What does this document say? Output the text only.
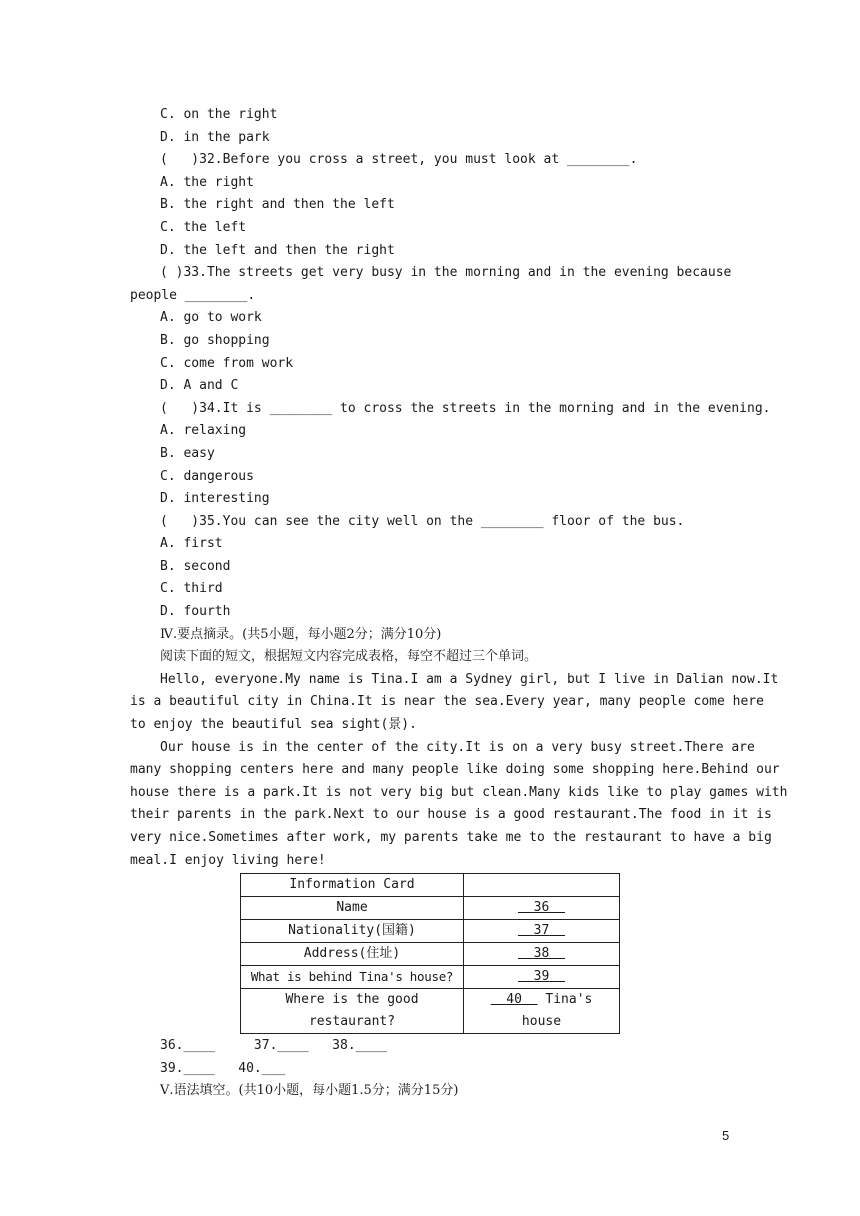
C. on the right
D. in the park
(   )32.Before you cross a street, you must look at ________.
A. the right
B. the right and then the left
C. the left
D. the left and then the right
( )33.The streets get very busy in the morning and in the evening because
people ________.
A. go to work
B. go shopping
C. come from work
D. A and C
(   )34.It is ________ to cross the streets in the morning and in the evening.
A. relaxing
B. easy
C. dangerous
D. interesting
(   )35.You can see the city well on the ________ floor of the bus.
A. first
B. second
C. third
D. fourth
Ⅳ.要点摘录。(共5小题，每小题2分；满分10分)
阅读下面的短文，根据短文内容完成表格，每空不超过三个单词。
Hello, everyone.My name is Tina.I am a Sydney girl, but I live in Dalian now.It
is a beautiful city in China.It is near the sea.Every year, many people come here
to enjoy the beautiful sea sight(景).
Our house is in the center of the city.It is on a very busy street.There are
many shopping centers here and many people like doing some shopping here.Behind our
house there is a park.It is not very big but clean.Many kids like to play games with
their parents in the park.Next to our house is a good restaurant.The food in it is
very nice.Sometimes after work, my parents take me to the restaurant to have a big
meal.I enjoy living here!
Information Card	
Name	36
Nationality(国籍)	37
Address(住址)	38
What is behind Tina's house?	39

Where is the good
restaurant?	40 Tina's house
36.____     37.____   38.____
39.____   40.___
Ⅴ.语法填空。(共10小题，每小题1.5分；满分15分)
5
